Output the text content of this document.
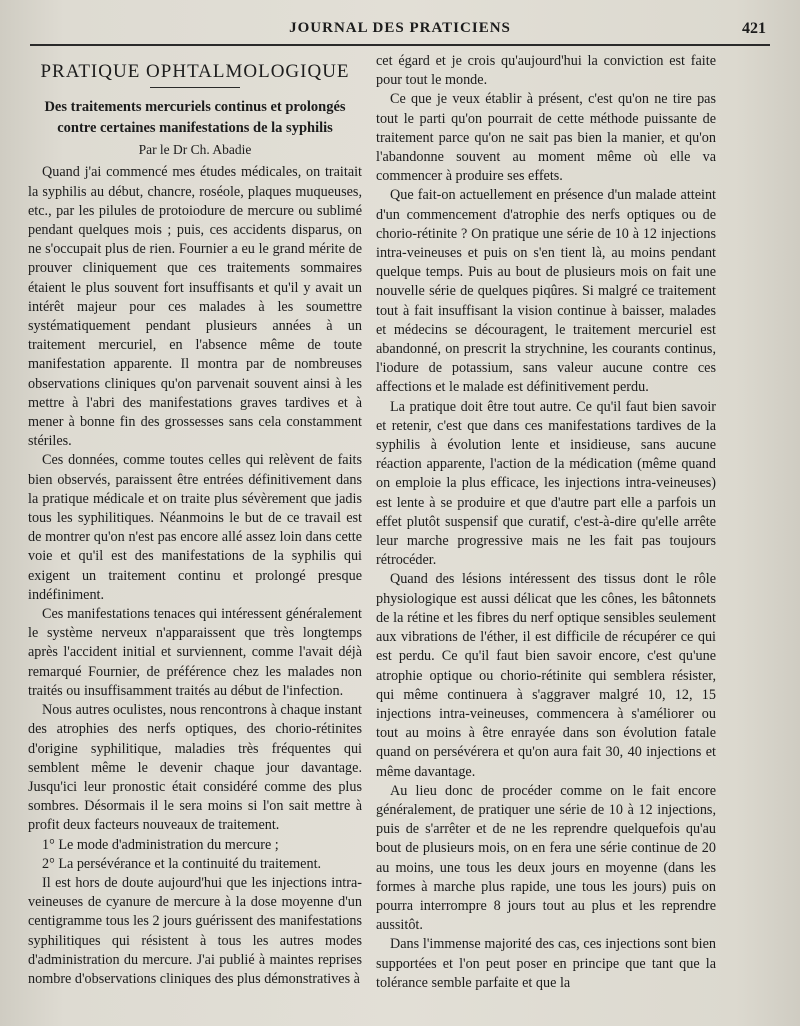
JOURNAL DES PRATICIENS	421
PRATIQUE OPHTALMOLOGIQUE
Des traitements mercuriels continus et prolongés
contre certaines manifestations de la syphilis
Par le Dr Ch. Abadie

Quand j'ai commencé mes études médicales, on traitait la syphilis au début, chancre, roséole, plaques muqueuses, etc., par les pilules de protoiodure de mercure ou sublimé pendant quelques mois ; puis, ces accidents disparus, on ne s'occupait plus de rien. Fournier a eu le grand mérite de prouver cliniquement que ces traitements sommaires étaient le plus souvent fort insuffisants et qu'il y avait un intérêt majeur pour ces malades à les soumettre systématiquement pendant plusieurs années à un traitement mercuriel, en l'absence même de toute manifestation apparente. Il montra par de nombreuses observations cliniques qu'on parvenait souvent ainsi à les mettre à l'abri des manifestations graves tardives et à mener à bonne fin des grossesses sans cela constamment stériles.

Ces données, comme toutes celles qui relèvent de faits bien observés, paraissent être entrées définitivement dans la pratique médicale et on traite plus sévèrement que jadis tous les syphilitiques. Néanmoins le but de ce travail est de montrer qu'on n'est pas encore allé assez loin dans cette voie et qu'il est des manifestations de la syphilis qui exigent un traitement continu et prolongé presque indéfiniment.

Ces manifestations tenaces qui intéressent généralement le système nerveux n'apparaissent que très longtemps après l'accident initial et surviennent, comme l'avait déjà remarqué Fournier, de préférence chez les malades non traités ou insuffisamment traités au début de l'infection.

Nous autres oculistes, nous rencontrons à chaque instant des atrophies des nerfs optiques, des chorio-rétinites d'origine syphilitique, maladies très fréquentes qui semblent même le devenir chaque jour davantage. Jusqu'ici leur pronostic était considéré comme des plus sombres. Désormais il le sera moins si l'on sait mettre à profit deux facteurs nouveaux de traitement.

1° Le mode d'administration du mercure ;

2° La persévérance et la continuité du traitement.

Il est hors de doute aujourd'hui que les injections intra-veineuses de cyanure de mercure à la dose moyenne d'un centigramme tous les 2 jours guérissent des manifestations syphilitiques qui résistent à tous les autres modes d'administration du mercure. J'ai publié à maintes reprises nombre d'observations cliniques des plus démonstratives à

cet égard et je crois qu'aujourd'hui la conviction est faite pour tout le monde.

Ce que je veux établir à présent, c'est qu'on ne tire pas tout le parti qu'on pourrait de cette méthode puissante de traitement parce qu'on ne sait pas bien la manier, et qu'on l'abandonne souvent au moment même où elle va commencer à produire ses effets.

Que fait-on actuellement en présence d'un malade atteint d'un commencement d'atrophie des nerfs optiques ou de chorio-rétinite ? On pratique une série de 10 à 12 injections intra-veineuses et puis on s'en tient là, au moins pendant quelque temps. Puis au bout de plusieurs mois on fait une nouvelle série de quelques piqûres. Si malgré ce traitement tout à fait insuffisant la vision continue à baisser, malades et médecins se découragent, le traitement mercuriel est abandonné, on prescrit la strychnine, les courants continus, l'iodure de potassium, sans valeur aucune contre ces affections et le malade est définitivement perdu.

La pratique doit être tout autre. Ce qu'il faut bien savoir et retenir, c'est que dans ces manifestations tardives de la syphilis à évolution lente et insidieuse, sans aucune réaction apparente, l'action de la médication (même quand on emploie la plus efficace, les injections intra-veineuses) est lente à se produire et que d'autre part elle a parfois un effet plutôt suspensif que curatif, c'est-à-dire qu'elle arrête leur marche progressive mais ne les fait pas toujours rétrocéder.

Quand des lésions intéressent des tissus dont le rôle physiologique est aussi délicat que les cônes, les bâtonnets de la rétine et les fibres du nerf optique sensibles seulement aux vibrations de l'éther, il est difficile de récupérer ce qui est perdu. Ce qu'il faut bien savoir encore, c'est qu'une atrophie optique ou chorio-rétinite qui semblera résister, qui même continuera à s'aggraver malgré 10, 12, 15 injections intra-veineuses, commencera à s'améliorer ou tout au moins à être enrayée dans son évolution fatale quand on persévérera et qu'on aura fait 30, 40 injections et même davantage.

Au lieu donc de procéder comme on le fait encore généralement, de pratiquer une série de 10 à 12 injections, puis de s'arrêter et de ne les reprendre quelquefois qu'au bout de plusieurs mois, on en fera une série continue de 20 au moins, une tous les deux jours en moyenne (dans les formes à marche plus rapide, une tous les jours) puis on pourra interrompre 8 jours tout au plus et les reprendre aussitôt.

Dans l'immense majorité des cas, ces injections sont bien supportées et l'on peut poser en principe que tant que la tolérance semble parfaite et que la
